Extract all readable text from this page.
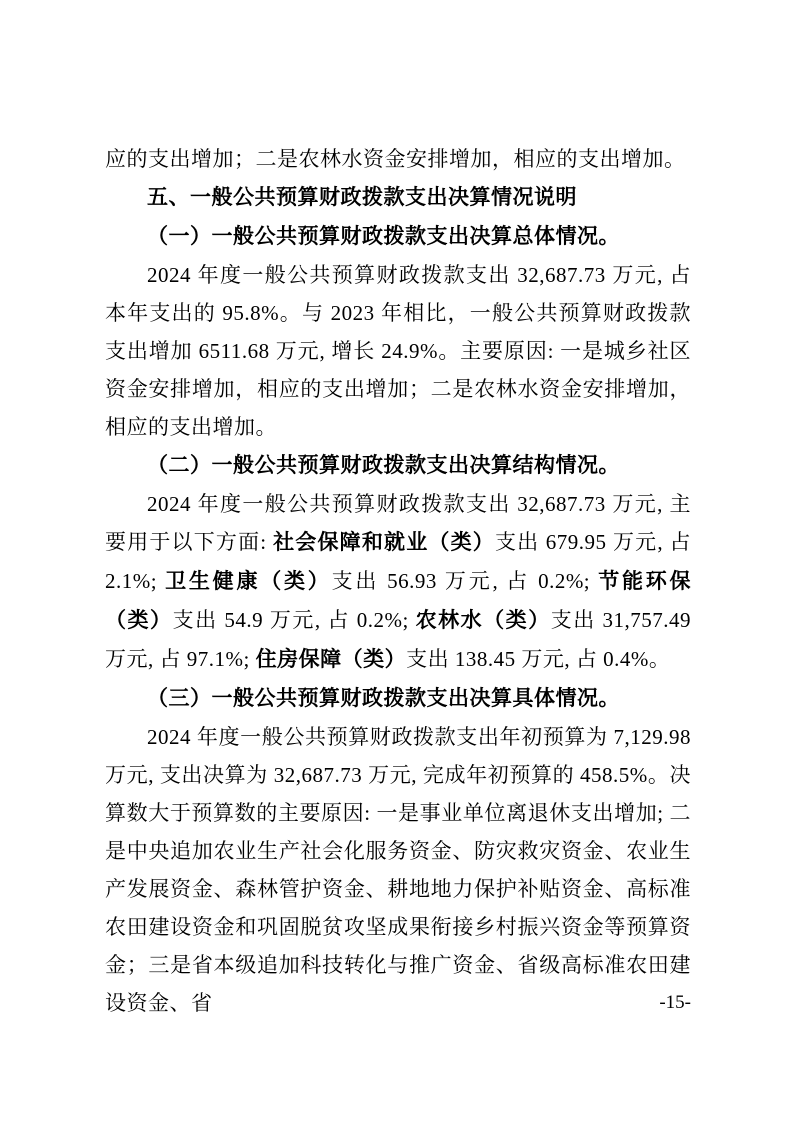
应的支出增加；二是农林水资金安排增加，相应的支出增加。

五、一般公共预算财政拨款支出决算情况说明

（一）一般公共预算财政拨款支出决算总体情况。

2024 年度一般公共预算财政拨款支出 32,687.73 万元, 占本年支出的 95.8%。与 2023 年相比，一般公共预算财政拨款支出增加 6511.68 万元, 增长 24.9%。主要原因: 一是城乡社区资金安排增加，相应的支出增加；二是农林水资金安排增加，相应的支出增加。

（二）一般公共预算财政拨款支出决算结构情况。

2024 年度一般公共预算财政拨款支出 32,687.73 万元, 主要用于以下方面: 社会保障和就业（类）支出 679.95 万元, 占 2.1%; 卫生健康（类）支出 56.93 万元, 占 0.2%; 节能环保（类）支出 54.9 万元, 占 0.2%; 农林水（类）支出 31,757.49 万元, 占 97.1%; 住房保障（类）支出 138.45 万元, 占 0.4%。

（三）一般公共预算财政拨款支出决算具体情况。

2024 年度一般公共预算财政拨款支出年初预算为 7,129.98 万元, 支出决算为 32,687.73 万元, 完成年初预算的 458.5%。决算数大于预算数的主要原因: 一是事业单位离退休支出增加; 二是中央追加农业生产社会化服务资金、防灾救灾资金、农业生产发展资金、森林管护资金、耕地地力保护补贴资金、高标准农田建设资金和巩固脱贫攻坚成果衔接乡村振兴资金等预算资金；三是省本级追加科技转化与推广资金、省级高标准农田建设资金、省	-15-
